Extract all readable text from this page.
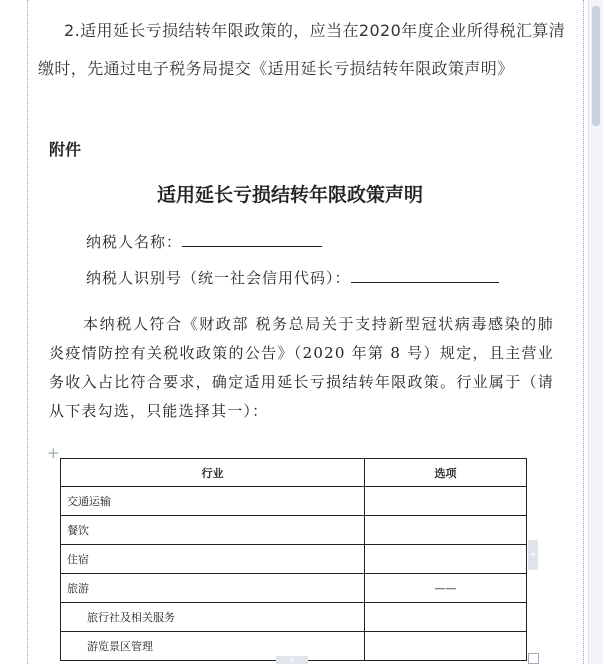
2.适用延长亏损结转年限政策的，应当在2020年度企业所得税汇算清缴时，先通过电子税务局提交《适用延长亏损结转年限政策声明》

附件

适用延长亏损结转年限政策声明
纳税人名称：
纳税人识别号（统一社会信用代码）：

本纳税人符合《财政部 税务总局关于支持新型冠状病毒感染的肺炎疫情防控有关税收政策的公告》（2020 年第 8 号）规定，且主营业务收入占比符合要求，确定适用延长亏损结转年限政策。行业属于（请从下表勾选，只能选择其一）：

+
行业	选项
交通运输	
餐饮	
住宿	
旅游	——
旅行社及相关服务	
游览景区管理	
+
+
